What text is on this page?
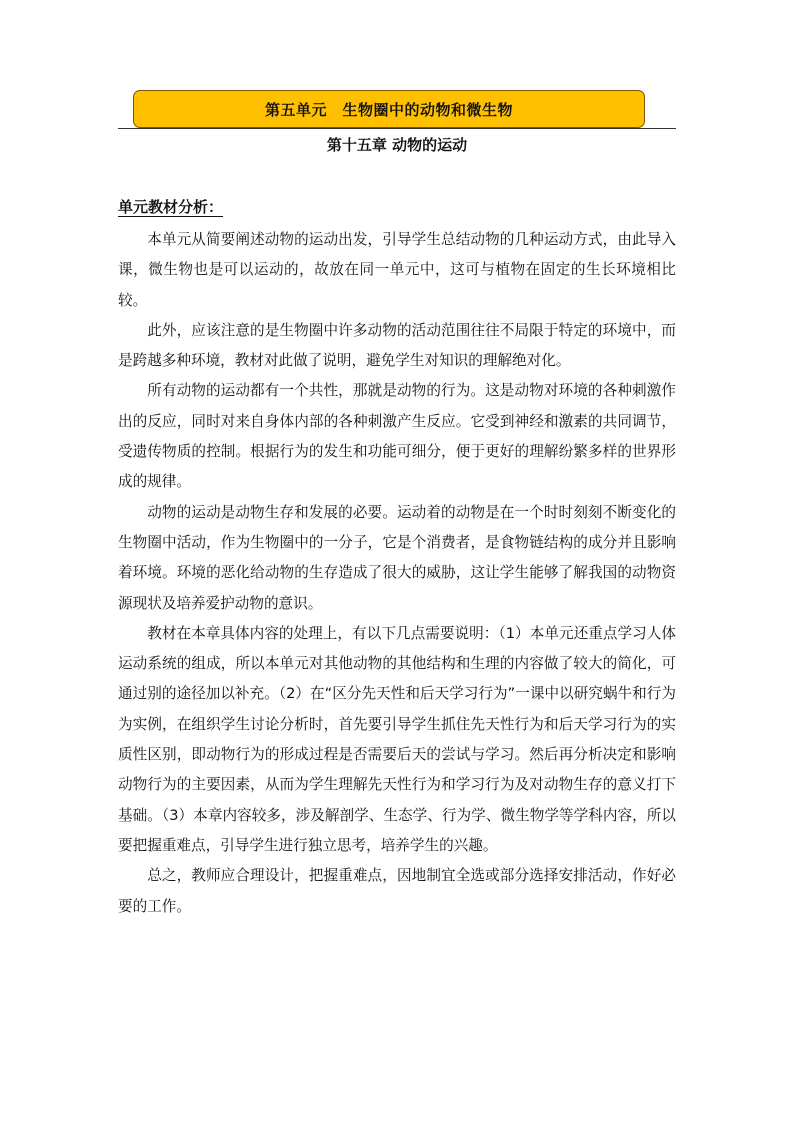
第五单元　生物圈中的动物和微生物
第十五章 动物的运动
单元教材分析：

本单元从简要阐述动物的运动出发，引导学生总结动物的几种运动方式，由此导入课，微生物也是可以运动的，故放在同一单元中，这可与植物在固定的生长环境相比较。

此外，应该注意的是生物圈中许多动物的活动范围往往不局限于特定的环境中，而是跨越多种环境，教材对此做了说明，避免学生对知识的理解绝对化。

所有动物的运动都有一个共性，那就是动物的行为。这是动物对环境的各种刺激作出的反应，同时对来自身体内部的各种刺激产生反应。它受到神经和激素的共同调节，受遗传物质的控制。根据行为的发生和功能可细分，便于更好的理解纷繁多样的世界形成的规律。

动物的运动是动物生存和发展的必要。运动着的动物是在一个时时刻刻不断变化的生物圈中活动，作为生物圈中的一分子，它是个消费者，是食物链结构的成分并且影响着环境。环境的恶化给动物的生存造成了很大的威胁，这让学生能够了解我国的动物资源现状及培养爱护动物的意识。

教材在本章具体内容的处理上，有以下几点需要说明：（1）本单元还重点学习人体运动系统的组成，所以本单元对其他动物的其他结构和生理的内容做了较大的简化，可通过别的途径加以补充。（2）在“区分先天性和后天学习行为”一课中以研究蜗牛和行为为实例，在组织学生讨论分析时，首先要引导学生抓住先天性行为和后天学习行为的实质性区别，即动物行为的形成过程是否需要后天的尝试与学习。然后再分析决定和影响动物行为的主要因素，从而为学生理解先天性行为和学习行为及对动物生存的意义打下基础。（3）本章内容较多，涉及解剖学、生态学、行为学、微生物学等学科内容，所以要把握重难点，引导学生进行独立思考，培养学生的兴趣。

总之，教师应合理设计，把握重难点，因地制宜全选或部分选择安排活动，作好必要的工作。
